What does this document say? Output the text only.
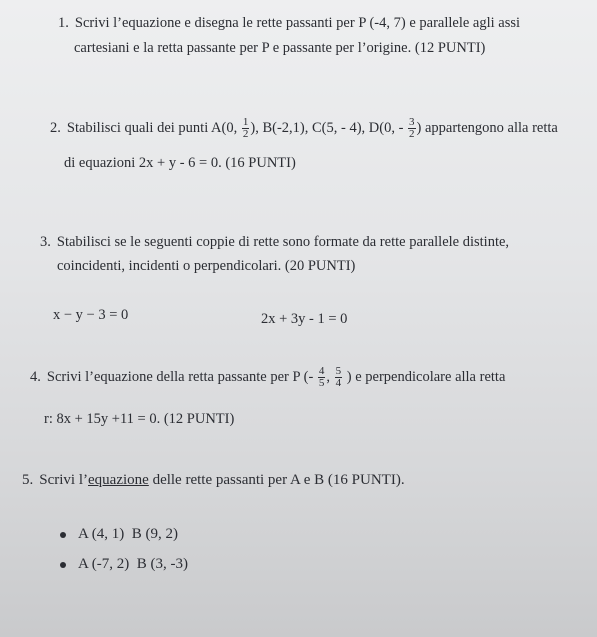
1. Scrivi l’equazione e disegna le rette passanti per P (-4, 7) e parallele agli assi
cartesiani e la retta passante per P e passante per l’origine. (12 PUNTI)
2. Stabilisci quali dei punti A(0, $\frac{1}{2}$ ), B(-2,1), C(5, - 4), D(0, - $\frac{3}{2}$ ) appartengono alla retta
di equazioni 2x + y - 6 = 0. (16 PUNTI)
3. Stabilisci se le seguenti coppie di rette sono formate da rette parallele distinte,
coincidenti, incidenti o perpendicolari. (20 PUNTI)
x − y − 3 = 0	2x + 3y - 1 = 0
4. Scrivi l’equazione della retta passante per P (- $\frac{4}{5}$ , $\frac{5}{4}$ ) e perpendicolare alla retta
r: 8x + 15y +11 = 0. (12 PUNTI)
5. Scrivi l’equazione delle rette passanti per A e B (16 PUNTI).
A (4, 1) B (9, 2)
A (-7, 2) B (3, -3)
